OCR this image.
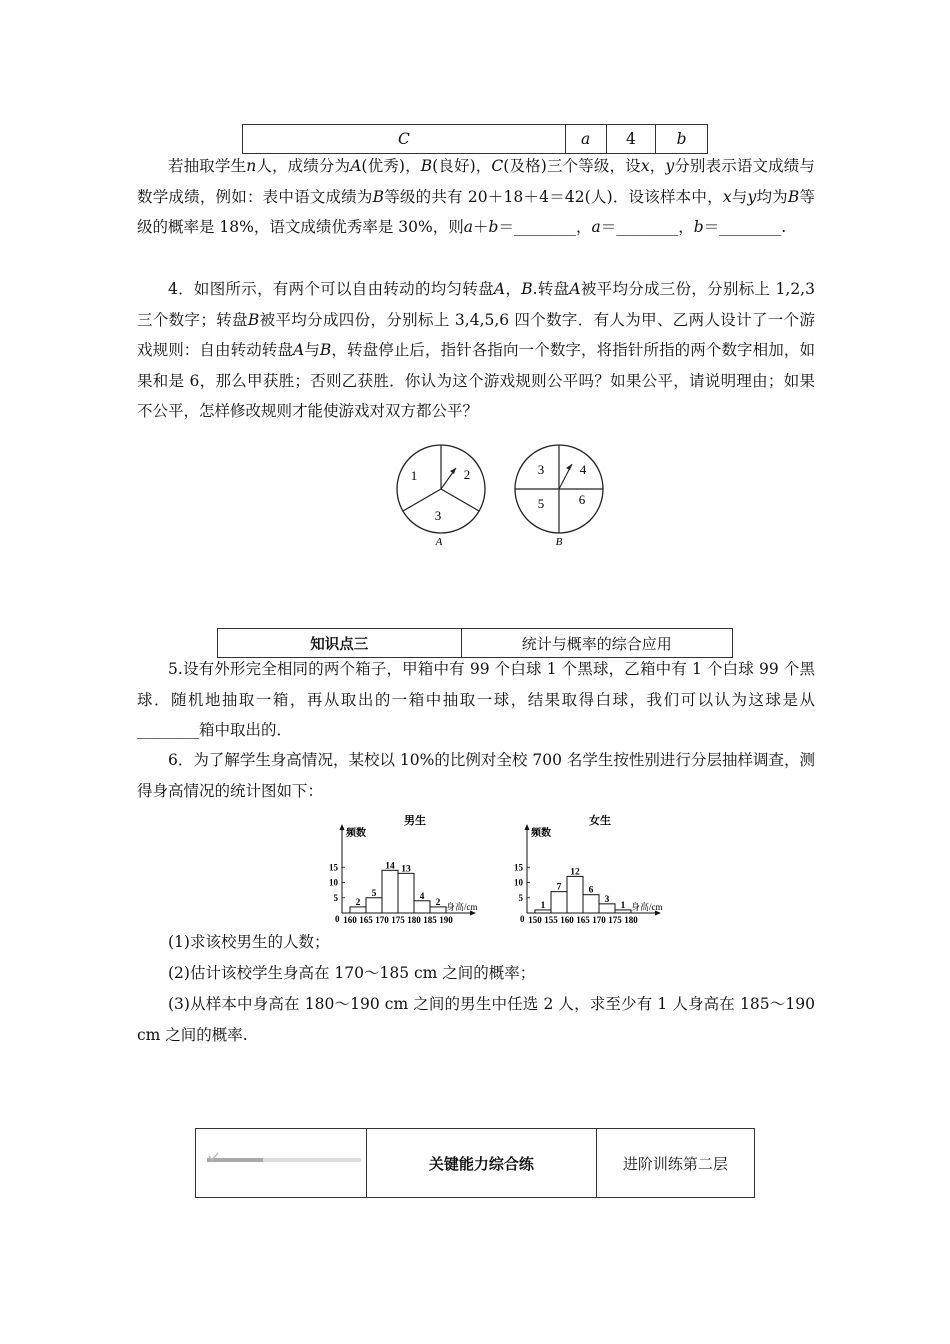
C	a	4	b
若抽取学生n人，成绩分为A(优秀)，B(良好)，C(及格)三个等级，设x，y分别表示语文成绩与数学成绩，例如：表中语文成绩为B等级的共有 20＋18＋4＝42(人)．设该样本中，x与y均为B等级的概率是 18%，语文成绩优秀率是 30%，则a＋b＝________，a＝________，b＝________.
4．如图所示，有两个可以自由转动的均匀转盘A，B.转盘A被平均分成三份，分别标上 1,2,3 三个数字；转盘B被平均分成四份，分别标上 3,4,5,6 四个数字．有人为甲、乙两人设计了一个游戏规则：自由转动转盘A与B，转盘停止后，指针各指向一个数字，将指针所指的两个数字相加，如果和是 6，那么甲获胜；否则乙获胜．你认为这个游戏规则公平吗？如果公平，请说明理由；如果不公平，怎样修改规则才能使游戏对双方都公平？
1	2
3
A
3	4
5	6
B
知识点三	统计与概率的综合应用
5.设有外形完全相同的两个箱子，甲箱中有 99 个白球 1 个黑球，乙箱中有 1 个白球 99 个黑球．随机地抽取一箱，再从取出的一箱中抽取一球，结果取得白球，我们可以认为这球是从________箱中取出的．
6．为了解学生身高情况，某校以 10%的比例对全校 700 名学生按性别进行分层抽样调查，测得身高情况的统计图如下：
男生
频数
身高/cm
0
5
10
15
160 165 170 175 180 185 190
2
5
14 13
4
2
女生
频数
身高/cm
0
5
10
15
150 155 160 165 170 175 180
1
7
12
6
3
1
(1)求该校男生的人数；
(2)估计该校学生身高在 170～185 cm 之间的概率；
(3)从样本中身高在 180～190 cm 之间的男生中任选 2 人，求至少有 1 人身高在 185～190 cm 之间的概率.
	关键能力综合练	进阶训练第二层
